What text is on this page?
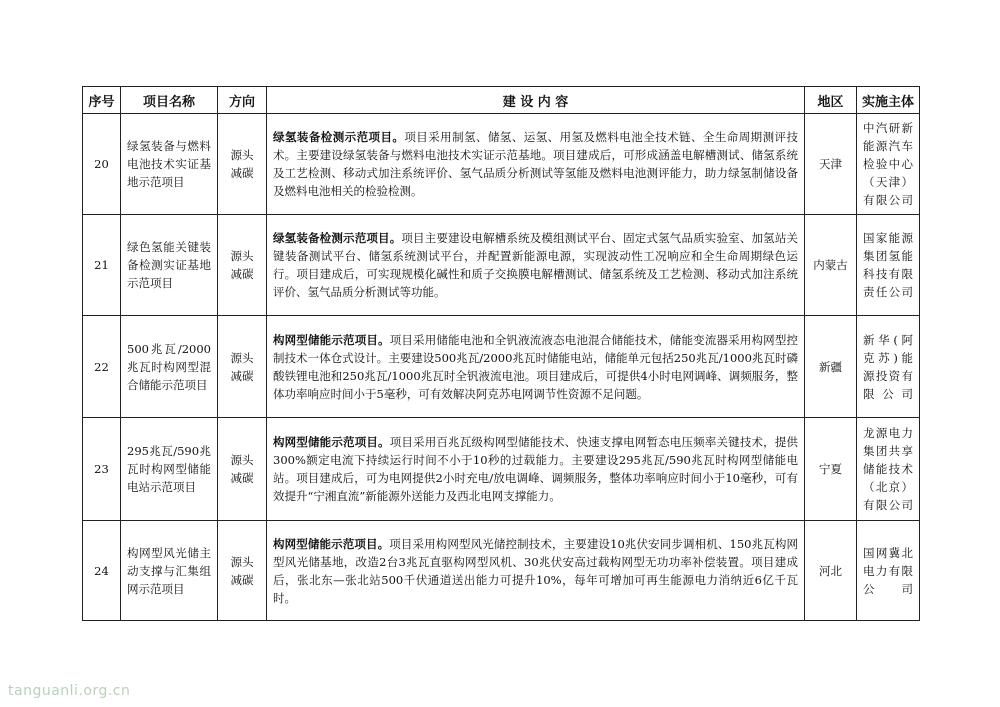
序号	项目名称	方向	建 设 内 容	地区	实施主体
20	绿氢装备与燃料电池技术实证基地示范项目	源头减碳	绿氢装备检测示范项目。项目采用制氢、储氢、运氢、用氢及燃料电池全技术链、全生命周期测评技术。主要建设绿氢装备与燃料电池技术实证示范基地。项目建成后，可形成涵盖电解槽测试、储氢系统及工艺检测、移动式加注系统评价、氢气品质分析测试等氢能及燃料电池测评能力，助力绿氢制储设备及燃料电池相关的检验检测。	天津	中汽研新能源汽车检验中心（天津）有限公司
21	绿色氢能关键装备检测实证基地示范项目	源头减碳	绿氢装备检测示范项目。项目主要建设电解槽系统及模组测试平台、固定式氢气品质实验室、加氢站关键装备测试平台、储氢系统测试平台，并配置新能源电源，实现波动性工况响应和全生命周期绿色运行。项目建成后，可实现规模化碱性和质子交换膜电解槽测试、储氢系统及工艺检测、移动式加注系统评价、氢气品质分析测试等功能。	内蒙古	国家能源集团氢能科技有限责任公司
22	500兆瓦/2000兆瓦时构网型混合储能示范项目	源头减碳	构网型储能示范项目。项目采用储能电池和全钒液流液态电池混合储能技术，储能变流器采用构网型控制技术一体仓式设计。主要建设500兆瓦/2000兆瓦时储能电站，储能单元包括250兆瓦/1000兆瓦时磷酸铁锂电池和250兆瓦/1000兆瓦时全钒液流电池。项目建成后，可提供4小时电网调峰、调频服务，整体功率响应时间小于5毫秒，可有效解决阿克苏电网调节性资源不足问题。	新疆	新华(阿克苏)能源投资有限公司
23	295兆瓦/590兆瓦时构网型储能电站示范项目	源头减碳	构网型储能示范项目。项目采用百兆瓦级构网型储能技术、快速支撑电网暂态电压频率关键技术，提供300%额定电流下持续运行时间不小于10秒的过载能力。主要建设295兆瓦/590兆瓦时构网型储能电站。项目建成后，可为电网提供2小时充电/放电调峰、调频服务，整体功率响应时间小于10毫秒，可有效提升“宁湘直流”新能源外送能力及西北电网支撑能力。	宁夏	龙源电力集团共享储能技术（北京）有限公司
24	构网型风光储主动支撑与汇集组网示范项目	源头减碳	构网型储能示范项目。项目采用构网型风光储控制技术，主要建设10兆伏安同步调相机、150兆瓦构网型风光储基地，改造2台3兆瓦直驱构网型风机、30兆伏安高过载构网型无功功率补偿装置。项目建成后，张北东—张北站500千伏通道送出能力可提升10%，每年可增加可再生能源电力消纳近6亿千瓦时。	河北	国网冀北电力有限公司
tanguanli.org.cn
